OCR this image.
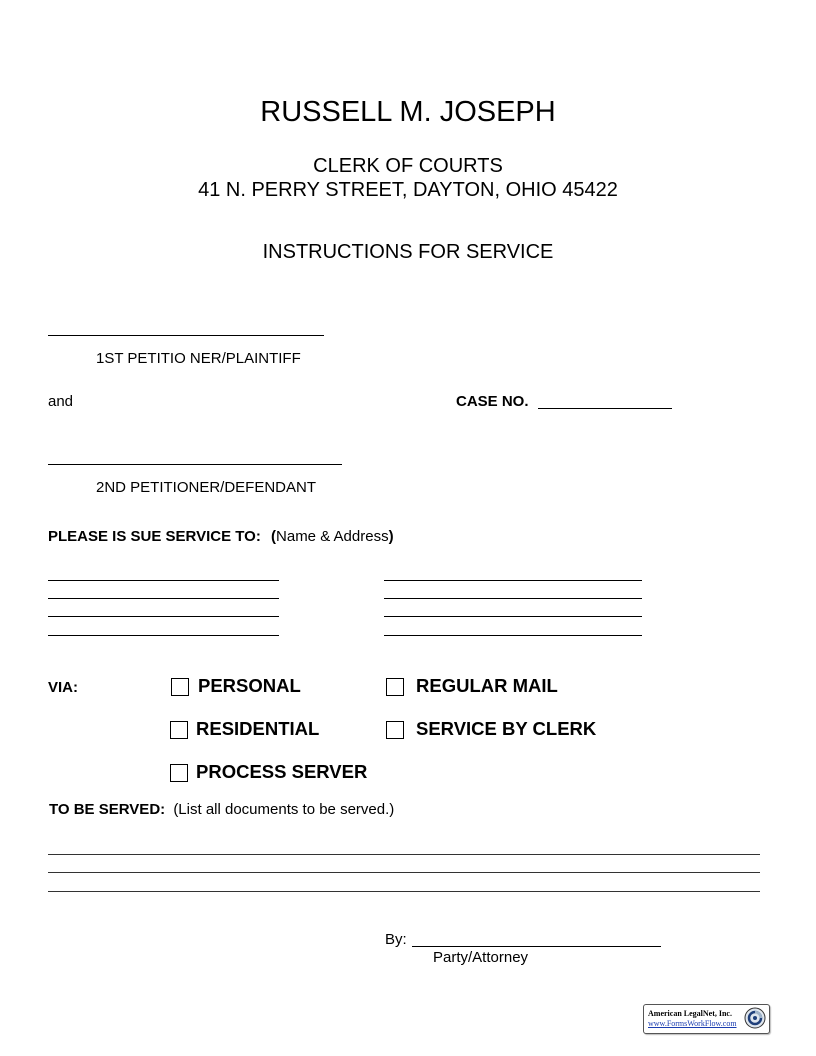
RUSSELL M. JOSEPH
CLERK OF COURTS
41 N. PERRY STREET, DAYTON, OHIO 45422
INSTRUCTIONS FOR SERVICE
1ST PETITIO NER/PLAINTIFF
and	CASE NO.
2ND PETITIONER/DEFENDANT
PLEASE IS SUE SERVICE TO: (Name & Address)
VIA:	PERSONAL	REGULAR MAIL
RESIDENTIAL	SERVICE BY CLERK
PROCESS SERVER
TO BE SERVED: (List all documents to be served.)
By:
Party/Attorney
American LegalNet, Inc.
www.FormsWorkFlow.com
